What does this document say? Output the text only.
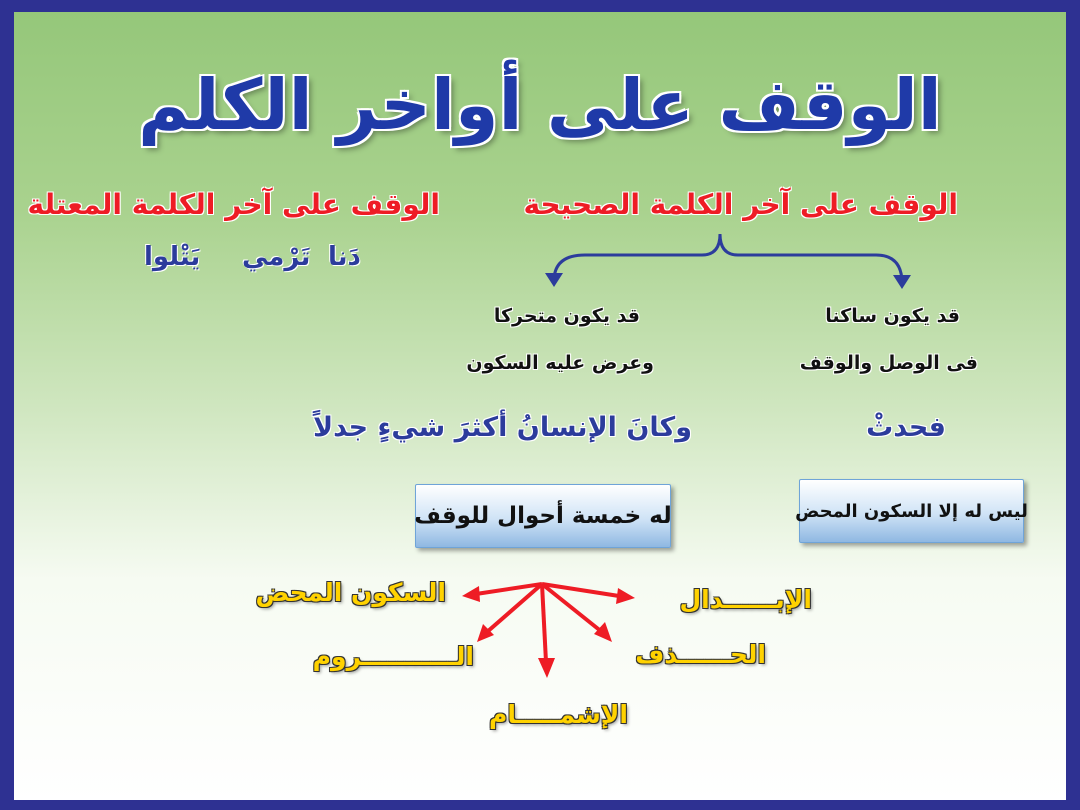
الوقف على أواخر الكلم
الوقف على آخر الكلمة الصحيحة
قد يكون ساكنا
فى الوصل والوقف
فحدثْ
قد يكون متحركا
وعرض عليه السكون
وكانَ الإنسانُ أكثرَ شيءٍ جدلاً
ليس له إلا السكون المحض
له خمسة أحوال للوقف
الوقف على آخر الكلمة المعتلة
دَنا
تَرْمي
يَتْلوا
السكون المحض	الإبــــــدال
الـــــــــــروم	الحــــــذف
الإشمـــــام
